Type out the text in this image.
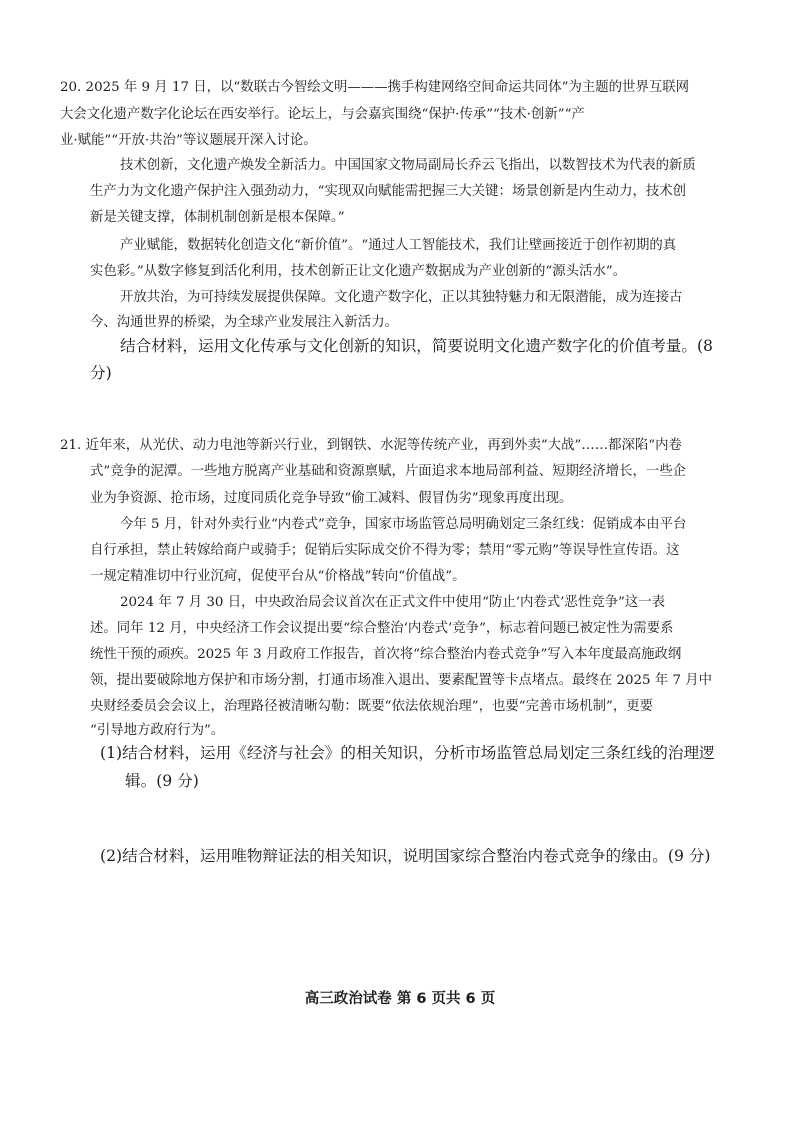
20. 2025 年 9 月 17 日，以“数联古今智绘文明———携手构建网络空间命运共同体”为主题的世界互联网
大会文化遗产数字化论坛在西安举行。论坛上，与会嘉宾围绕“保护·传承”“技术·创新”“产
业·赋能”“开放·共治”等议题展开深入讨论。
技术创新，文化遗产焕发全新活力。中国国家文物局副局长乔云飞指出，以数智技术为代表的新质
生产力为文化遗产保护注入强劲动力，“实现双向赋能需把握三大关键：场景创新是内生动力，技术创
新是关键支撑，体制机制创新是根本保障。”
产业赋能，数据转化创造文化“新价值”。“通过人工智能技术，我们让壁画接近于创作初期的真
实色彩。”从数字修复到活化利用，技术创新正让文化遗产数据成为产业创新的“源头活水”。
开放共治，为可持续发展提供保障。文化遗产数字化，正以其独特魅力和无限潜能，成为连接古
今、沟通世界的桥梁，为全球产业发展注入新活力。
结合材料，运用文化传承与文化创新的知识，简要说明文化遗产数字化的价值考量。(8
分)
21. 近年来，从光伏、动力电池等新兴行业，到钢铁、水泥等传统产业，再到外卖“大战”……都深陷“内卷
式”竞争的泥潭。一些地方脱离产业基础和资源禀赋，片面追求本地局部利益、短期经济增长，一些企
业为争资源、抢市场，过度同质化竞争导致“偷工减料、假冒伪劣”现象再度出现。
今年 5 月，针对外卖行业“内卷式”竞争，国家市场监管总局明确划定三条红线：促销成本由平台
自行承担，禁止转嫁给商户或骑手；促销后实际成交价不得为零；禁用“零元购”等误导性宣传语。这
一规定精准切中行业沉疴，促使平台从“价格战”转向“价值战”。
2024 年 7 月 30 日，中央政治局会议首次在正式文件中使用“防止‘内卷式’恶性竞争”这一表
述。同年 12 月，中央经济工作会议提出要“综合整治‘内卷式’竞争”，标志着问题已被定性为需要系
统性干预的顽疾。2025 年 3 月政府工作报告，首次将“综合整治内卷式竞争”写入本年度最高施政纲
领，提出要破除地方保护和市场分割，打通市场准入退出、要素配置等卡点堵点。最终在 2025 年 7 月中
央财经委员会会议上，治理路径被清晰勾勒：既要“依法依规治理”，也要“完善市场机制”，更要
“引导地方政府行为”。
(1)结合材料，运用《经济与社会》的相关知识，分析市场监管总局划定三条红线的治理逻
辑。(9 分)
(2)结合材料，运用唯物辩证法的相关知识，说明国家综合整治内卷式竞争的缘由。(9 分)
高三政治试卷 第 6 页共 6 页
